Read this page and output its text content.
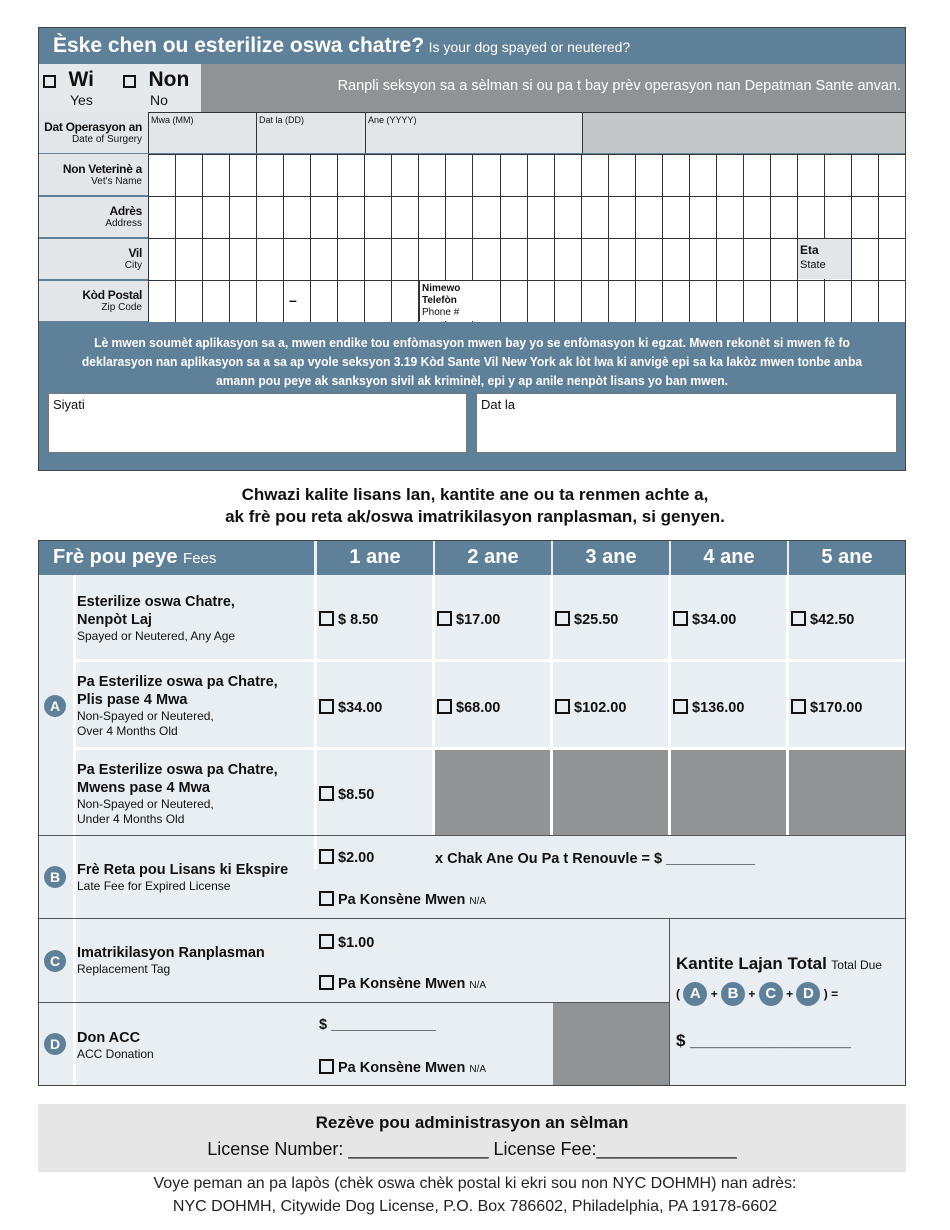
Èske chen ou esterilize oswa chatre? Is your dog spayed or neutered?
Wi
Yes
Non
No
Ranpli seksyon sa a sèlman si ou pa t bay prèv operasyon nan Depatman Sante anvan.
Dat Operasyon an
Date of Surgery
Mwa (MM)	Dat la (DD)	Ane (YYYY)
Non Veterinè a
Vet's Name
Adrès
Address
Vil
City
Eta
State
Kòd Postal
Zip Code	–
Nimewo
Telefòn
Phone #
Lè mwen soumèt aplikasyon sa a, mwen endike tou enfòmasyon mwen bay yo se enfòmasyon ki egzat. Mwen rekonèt si mwen fè fo deklarasyon nan aplikasyon sa a sa ap vyole seksyon 3.19 Kòd Sante Vil New York ak lòt lwa ki anvigè epi sa ka lakòz mwen tonbe anba amann pou peye ak sanksyon sivil ak kriminèl, epi y ap anile nenpòt lisans yo ban mwen.
Siyati	Dat la
Chwazi kalite lisans lan, kantite ane ou ta renmen achte a,
ak frè pou reta ak/oswa imatrikilasyon ranplasman, si genyen.
Frè pou peye Fees	1 ane	2 ane	3 ane	4 ane	5 ane
A
Esterilize oswa Chatre,
Nenpòt Laj
Spayed or Neutered, Any Age
$ 8.50	$17.00	$25.50	$34.00	$42.50
Pa Esterilize oswa pa Chatre,
Plis pase 4 Mwa
Non-Spayed or Neutered,
Over 4 Months Old
$34.00	$68.00	$102.00	$136.00	$170.00
Pa Esterilize oswa pa Chatre,
Mwens pase 4 Mwa
Non-Spayed or Neutered,
Under 4 Months Old
$8.50
B	Frè Reta pou Lisans ki Ekspire
Late Fee for Expired License
$2.00	x Chak Ane Ou Pa t Renouvle = $ ___________
Pa Konsène Mwen N/A
C	Imatrikilasyon Ranplasman
Replacement Tag
$1.00
Pa Konsène Mwen N/A
D	Don ACC
ACC Donation
$ _____________
Pa Konsène Mwen N/A
Kantite Lajan Total Total Due
( A + B + C + D ) =
$ _________________
Rezève pou administrasyon an sèlman
License Number: ______________ License Fee:______________
Voye peman an pa lapòs (chèk oswa chèk postal ki ekri sou non NYC DOHMH) nan adrès:
NYC DOHMH, Citywide Dog License, P.O. Box 786602, Philadelphia, PA 19178-6602
